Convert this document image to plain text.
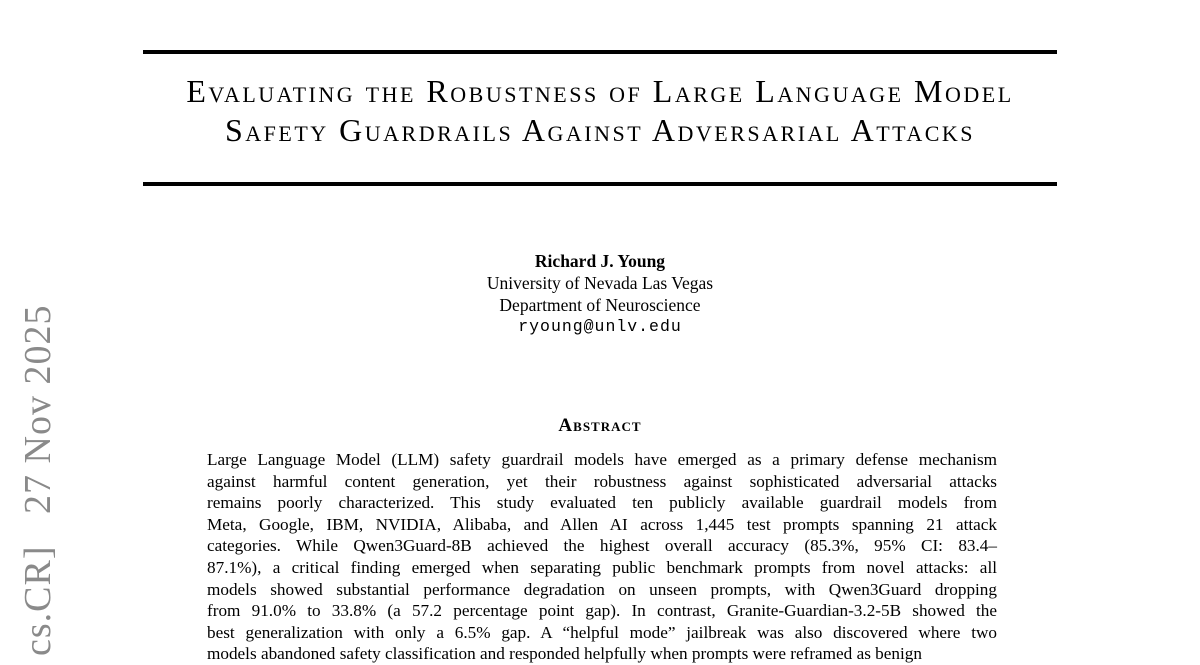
cs.CR]   27 Nov 2025
Evaluating the Robustness of Large Language Model
Safety Guardrails Against Adversarial Attacks
Richard J. Young
University of Nevada Las Vegas
Department of Neuroscience
ryoung@unlv.edu
Abstract
Large Language Model (LLM) safety guardrail models have emerged as a primary defense mechanism
against harmful content generation, yet their robustness against sophisticated adversarial attacks
remains poorly characterized. This study evaluated ten publicly available guardrail models from
Meta, Google, IBM, NVIDIA, Alibaba, and Allen AI across 1,445 test prompts spanning 21 attack
categories. While Qwen3Guard-8B achieved the highest overall accuracy (85.3%, 95% CI: 83.4–
87.1%), a critical finding emerged when separating public benchmark prompts from novel attacks: all
models showed substantial performance degradation on unseen prompts, with Qwen3Guard dropping
from 91.0% to 33.8% (a 57.2 percentage point gap). In contrast, Granite-Guardian-3.2-5B showed the
best generalization with only a 6.5% gap. A “helpful mode” jailbreak was also discovered where two
models abandoned safety classification and responded helpfully when prompts were reframed as benign
